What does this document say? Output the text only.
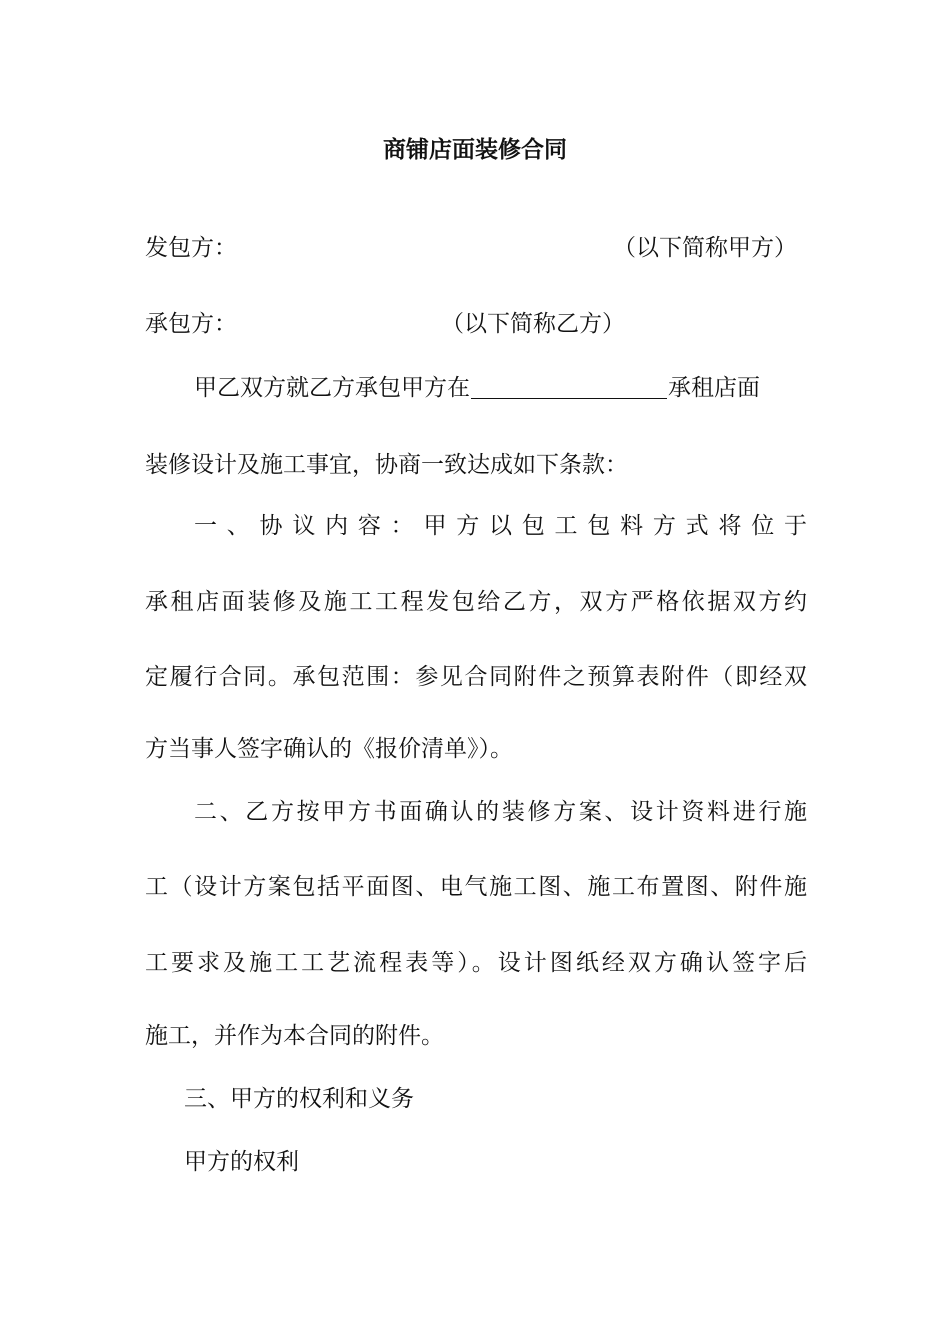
商铺店面装修合同
发包方：	（以下简称甲方）
承包方：	（以下简称乙方）
甲乙双方就乙方承包甲方在	承租店面
装修设计及施工事宜，协商一致达成如下条款：
一、协议内容：甲方以包工包料方式将位于
承租店面装修及施工工程发包给乙方，双方严格依据双方约
定履行合同。承包范围：参见合同附件之预算表附件（即经双
方当事人签字确认的《报价清单》）。
二、乙方按甲方书面确认的装修方案、设计资料进行施
工（设计方案包括平面图、电气施工图、施工布置图、附件施
工要求及施工工艺流程表等）。设计图纸经双方确认签字后
施工，并作为本合同的附件。
三、甲方的权利和义务
甲方的权利
